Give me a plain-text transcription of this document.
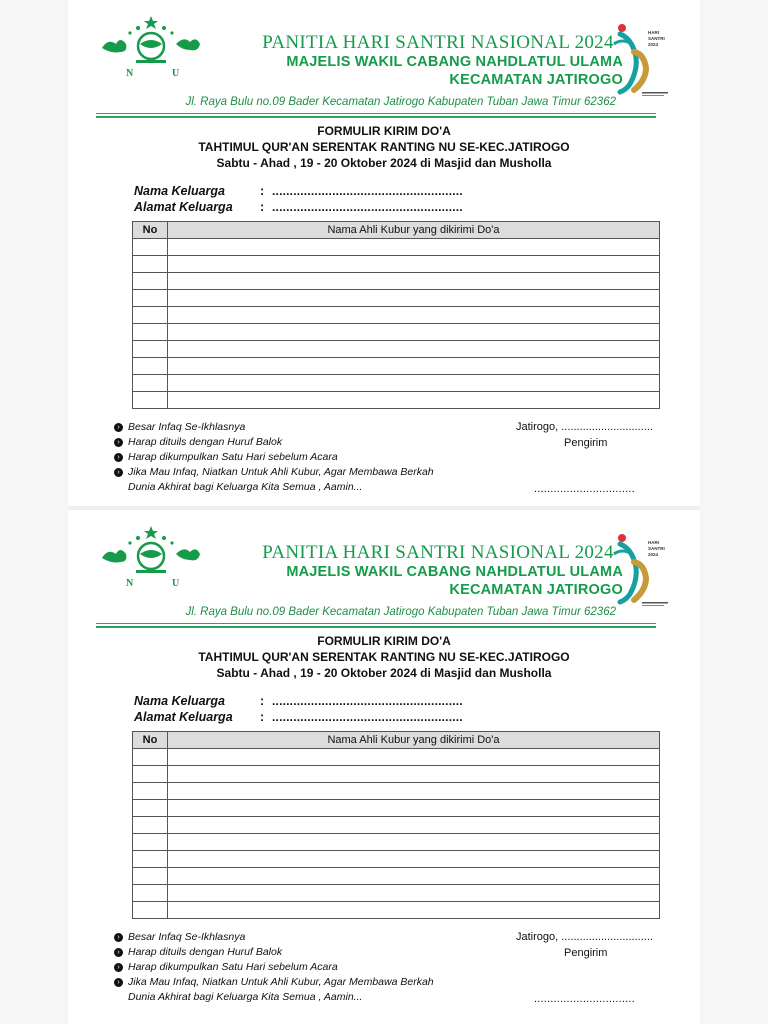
N	U
PANITIA HARI SANTRI NASIONAL 2024
MAJELIS WAKIL CABANG NAHDLATUL ULAMA
KECAMATAN JATIROGO
HARI
SANTRI
2024
Jl. Raya Bulu no.09 Bader Kecamatan Jatirogo Kabupaten Tuban Jawa Timur 62362
FORMULIR KIRIM DO'A
TAHTIMUL QUR'AN SERENTAK RANTING NU SE-KEC.JATIROGO
Sabtu - Ahad , 19 - 20 Oktober 2024 di Masjid dan Musholla
Nama Keluarga	: ......................................................
Alamat Keluarga : ......................................................
No	Nama Ahli Kubur yang dikirimi Do'a

› Besar Infaq Se-Ikhlasnya
› Harap dituils dengan Huruf Balok
› Harap dikumpulkan Satu Hari sebelum Acara
› Jika Mau Infaq, Niatkan Untuk Ahli Kubur, Agar Membawa Berkah
Dunia Akhirat bagi Keluarga Kita Semua , Aamin...
Jatirogo, ..............................
Pengirim
...............................
N	U
PANITIA HARI SANTRI NASIONAL 2024
MAJELIS WAKIL CABANG NAHDLATUL ULAMA
KECAMATAN JATIROGO
HARI
SANTRI
2024
Jl. Raya Bulu no.09 Bader Kecamatan Jatirogo Kabupaten Tuban Jawa Timur 62362
FORMULIR KIRIM DO'A
TAHTIMUL QUR'AN SERENTAK RANTING NU SE-KEC.JATIROGO
Sabtu - Ahad , 19 - 20 Oktober 2024 di Masjid dan Musholla
Nama Keluarga	: ......................................................
Alamat Keluarga : ......................................................
No	Nama Ahli Kubur yang dikirimi Do'a

› Besar Infaq Se-Ikhlasnya
› Harap dituils dengan Huruf Balok
› Harap dikumpulkan Satu Hari sebelum Acara
› Jika Mau Infaq, Niatkan Untuk Ahli Kubur, Agar Membawa Berkah
Dunia Akhirat bagi Keluarga Kita Semua , Aamin...
Jatirogo, ..............................
Pengirim
...............................
